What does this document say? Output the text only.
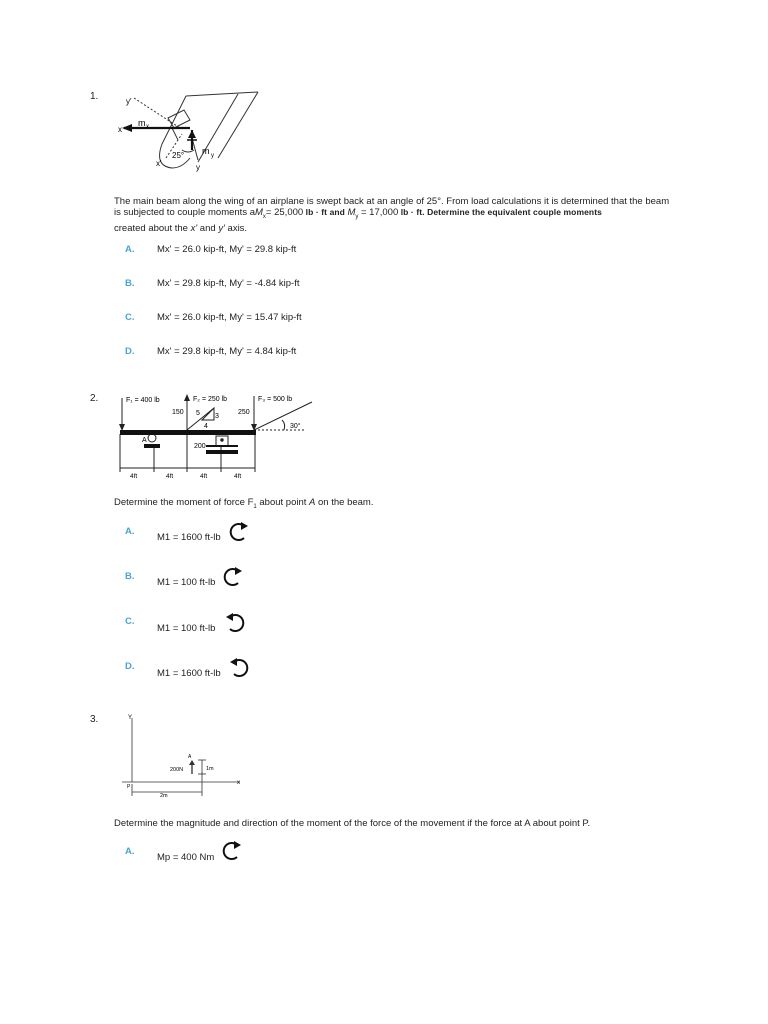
1.
x
y'
m x
25° m y
x'	y
The main beam along the wing of an airplane is swept back at an angle of 25°. From load calculations it is determined that the beam is subjected to couple moments $aM_x= 25,000$ lb · ft and $M_y = 17,000$ lb · ft. Determine the equivalent couple moments
created about the x' and y' axis.
A. Mx' = 26.0 kip-ft, My' = 29.8 kip-ft
B. Mx' = 29.8 kip-ft, My' = -4.84 kip-ft
C. Mx' = 26.0 kip-ft, My' = 15.47 kip-ft
D. Mx' = 29.8 kip-ft, My' = 4.84 kip-ft
2.	F₁ = 400 lb	F₂ = 250 lb	F₃ = 500 lb
150	250
200
5 3
4	30°
A
4ft	4ft	4ft	4ft
Determine the moment of force $F_1$ about point A on the beam.
A.
M1 = 1600 ft-lb
B.
M1 = 100 ft-lb
C.
M1 = 100 ft-lb
D.
M1 = 1600 ft-lb
3.	Y
x
P
A
200N	1m
2m
Determine the magnitude and direction of the moment of the force of the movement if the force at A about point P.
A.
Mp = 400 Nm
